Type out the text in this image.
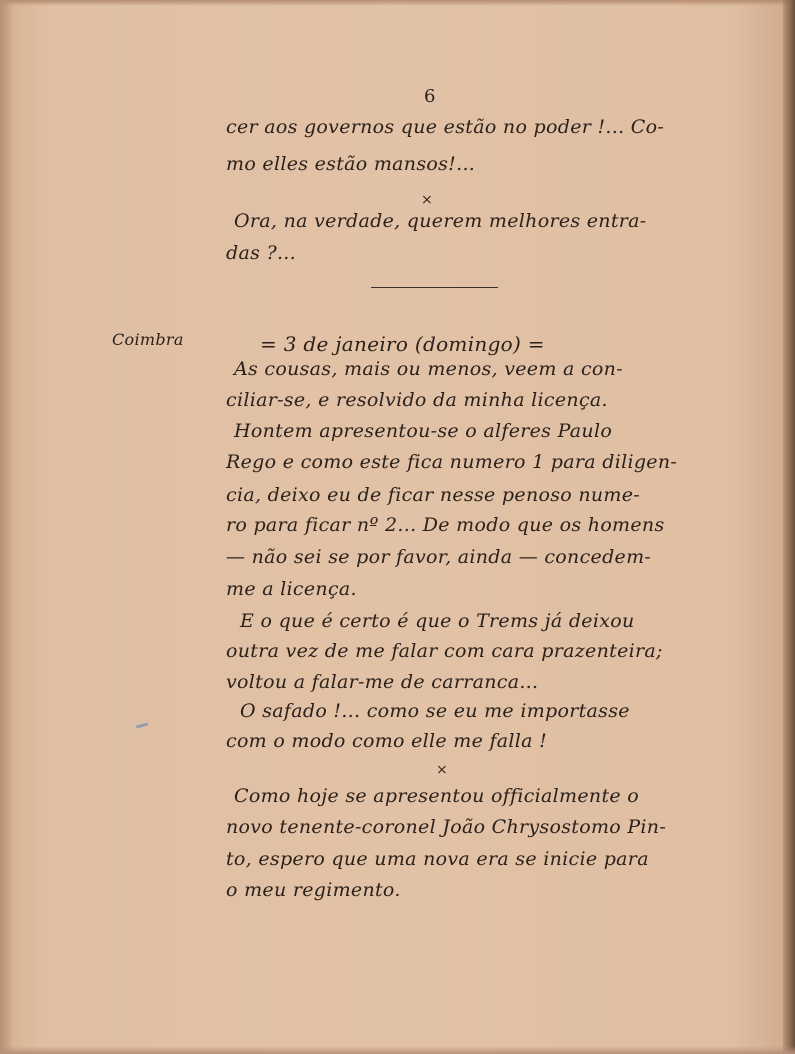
6
cer aos governos que estão no poder !... Co-
mo elles estão mansos!...
×
Ora, na verdade, querem melhores entra-
das ?...
Coimbra	= 3 de janeiro (domingo) =
As cousas, mais ou menos, veem a con-
ciliar-se, e resolvido da minha licença.
Hontem apresentou-se o alferes Paulo
Rego e como este fica numero 1 para diligen-
cia, deixo eu de ficar nesse penoso nume-
ro para ficar nº 2... De modo que os homens
— não sei se por favor, ainda — concedem-
me a licença.
E o que é certo é que o Trems já deixou
outra vez de me falar com cara prazenteira;
voltou a falar-me de carranca...
O safado !... como se eu me importasse
com o modo como elle me falla !
×
Como hoje se apresentou officialmente o
novo tenente-coronel João Chrysostomo Pin-
to, espero que uma nova era se inicie para
o meu regimento.
